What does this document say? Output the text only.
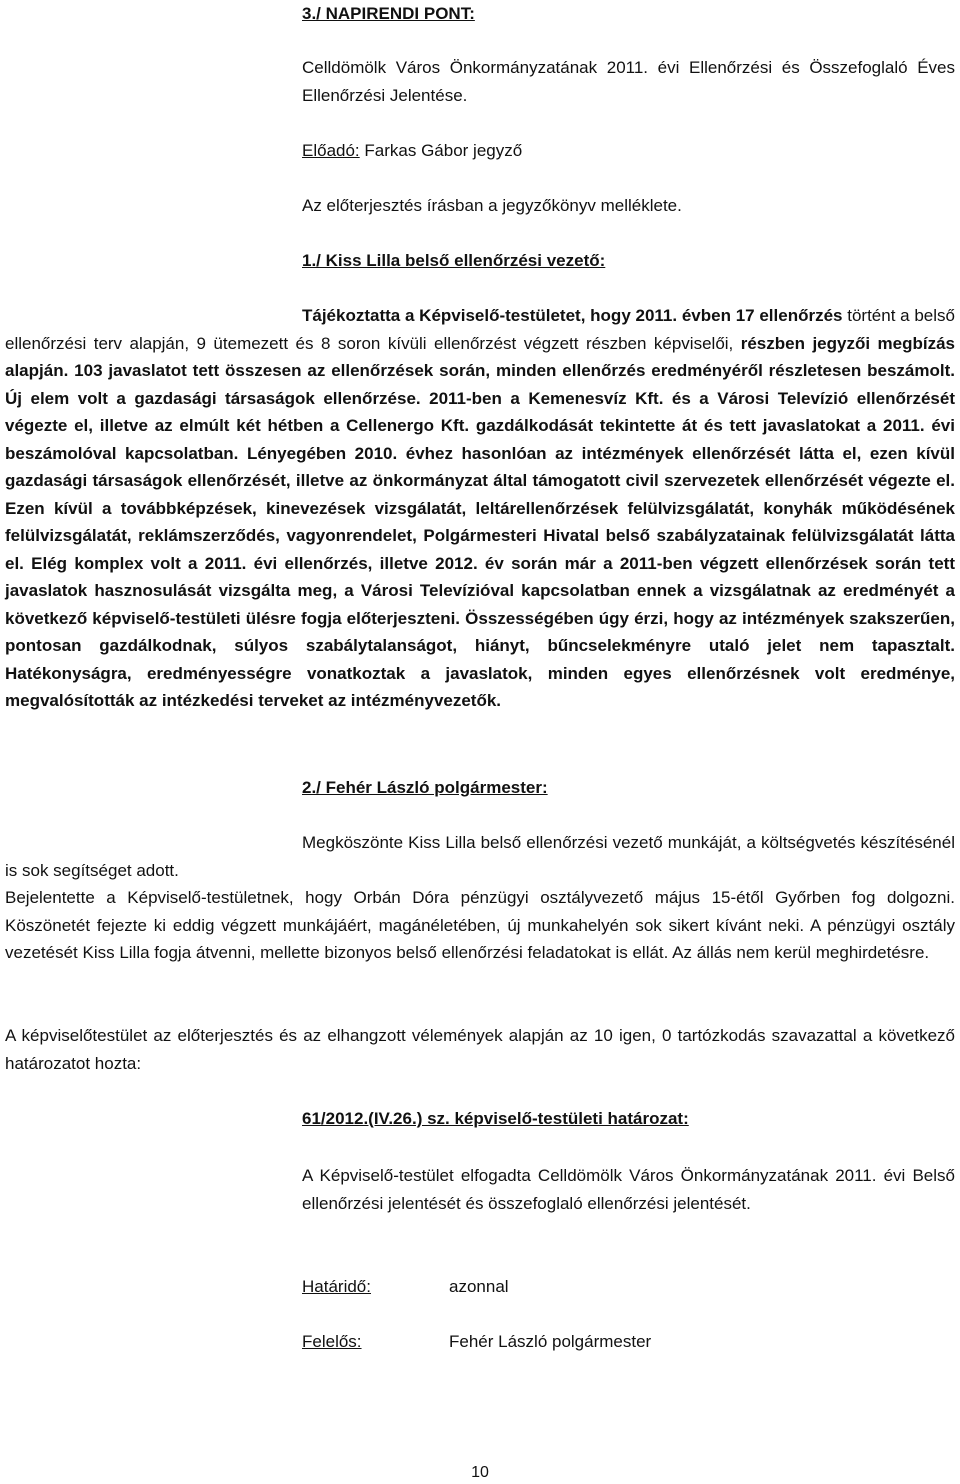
3./ NAPIRENDI PONT:
Celldömölk Város Önkormányzatának 2011. évi Ellenőrzési és Összefoglaló Éves Ellenőrzési Jelentése.
Előadó: Farkas Gábor jegyző
Az előterjesztés írásban a jegyzőkönyv melléklete.
1./ Kiss Lilla belső ellenőrzési vezető:
Tájékoztatta a Képviselő-testületet, hogy 2011. évben 17 ellenőrzés történt a belső ellenőrzési terv alapján, 9 ütemezett és 8 soron kívüli ellenőrzést végzett részben képviselői, részben jegyzői megbízás alapján. 103 javaslatot tett összesen az ellenőrzések során, minden ellenőrzés eredményéről részletesen beszámolt. Új elem volt a gazdasági társaságok ellenőrzése. 2011-ben a Kemenesvíz Kft. és a Városi Televízió ellenőrzését végezte el, illetve az elmúlt két hétben a Cellenergo Kft. gazdálkodását tekintette át és tett javaslatokat a 2011. évi beszámolóval kapcsolatban. Lényegében 2010. évhez hasonlóan az intézmények ellenőrzését látta el, ezen kívül gazdasági társaságok ellenőrzését, illetve az önkormányzat által támogatott civil szervezetek ellenőrzését végezte el. Ezen kívül a továbbképzések, kinevezések vizsgálatát, leltárellenőrzések felülvizsgálatát, konyhák működésének felülvizsgálatát, reklámszerződés, vagyonrendelet, Polgármesteri Hivatal belső szabályzatainak felülvizsgálatát látta el. Elég komplex volt a 2011. évi ellenőrzés, illetve 2012. év során már a 2011-ben végzett ellenőrzések során tett javaslatok hasznosulását vizsgálta meg, a Városi Televízióval kapcsolatban ennek a vizsgálatnak az eredményét a következő képviselő-testületi ülésre fogja előterjeszteni. Összességében úgy érzi, hogy az intézmények szakszerűen, pontosan gazdálkodnak, súlyos szabálytalanságot, hiányt, bűncselekményre utaló jelet nem tapasztalt. Hatékonyságra, eredményességre vonatkoztak a javaslatok, minden egyes ellenőrzésnek volt eredménye, megvalósították az intézkedési terveket az intézményvezetők.
2./ Fehér László polgármester:
Megköszönte Kiss Lilla belső ellenőrzési vezető munkáját, a költségvetés készítésénél is sok segítséget adott.
Bejelentette a Képviselő-testületnek, hogy Orbán Dóra pénzügyi osztályvezető május 15-étől Győrben fog dolgozni. Köszönetét fejezte ki eddig végzett munkájáért, magánéletében, új munkahelyén sok sikert kívánt neki. A pénzügyi osztály vezetését Kiss Lilla fogja átvenni, mellette bizonyos belső ellenőrzési feladatokat is ellát. Az állás nem kerül meghirdetésre.
A képviselőtestület az előterjesztés és az elhangzott vélemények alapján az 10 igen, 0 tartózkodás szavazattal a következő határozatot hozta:
61/2012.(IV.26.) sz. képviselő-testületi határozat:
A Képviselő-testület elfogadta Celldömölk Város Önkormányzatának 2011. évi Belső ellenőrzési jelentését és összefoglaló ellenőrzési jelentését.
Határidő:	azonnal
Felelős:	Fehér László polgármester
10
